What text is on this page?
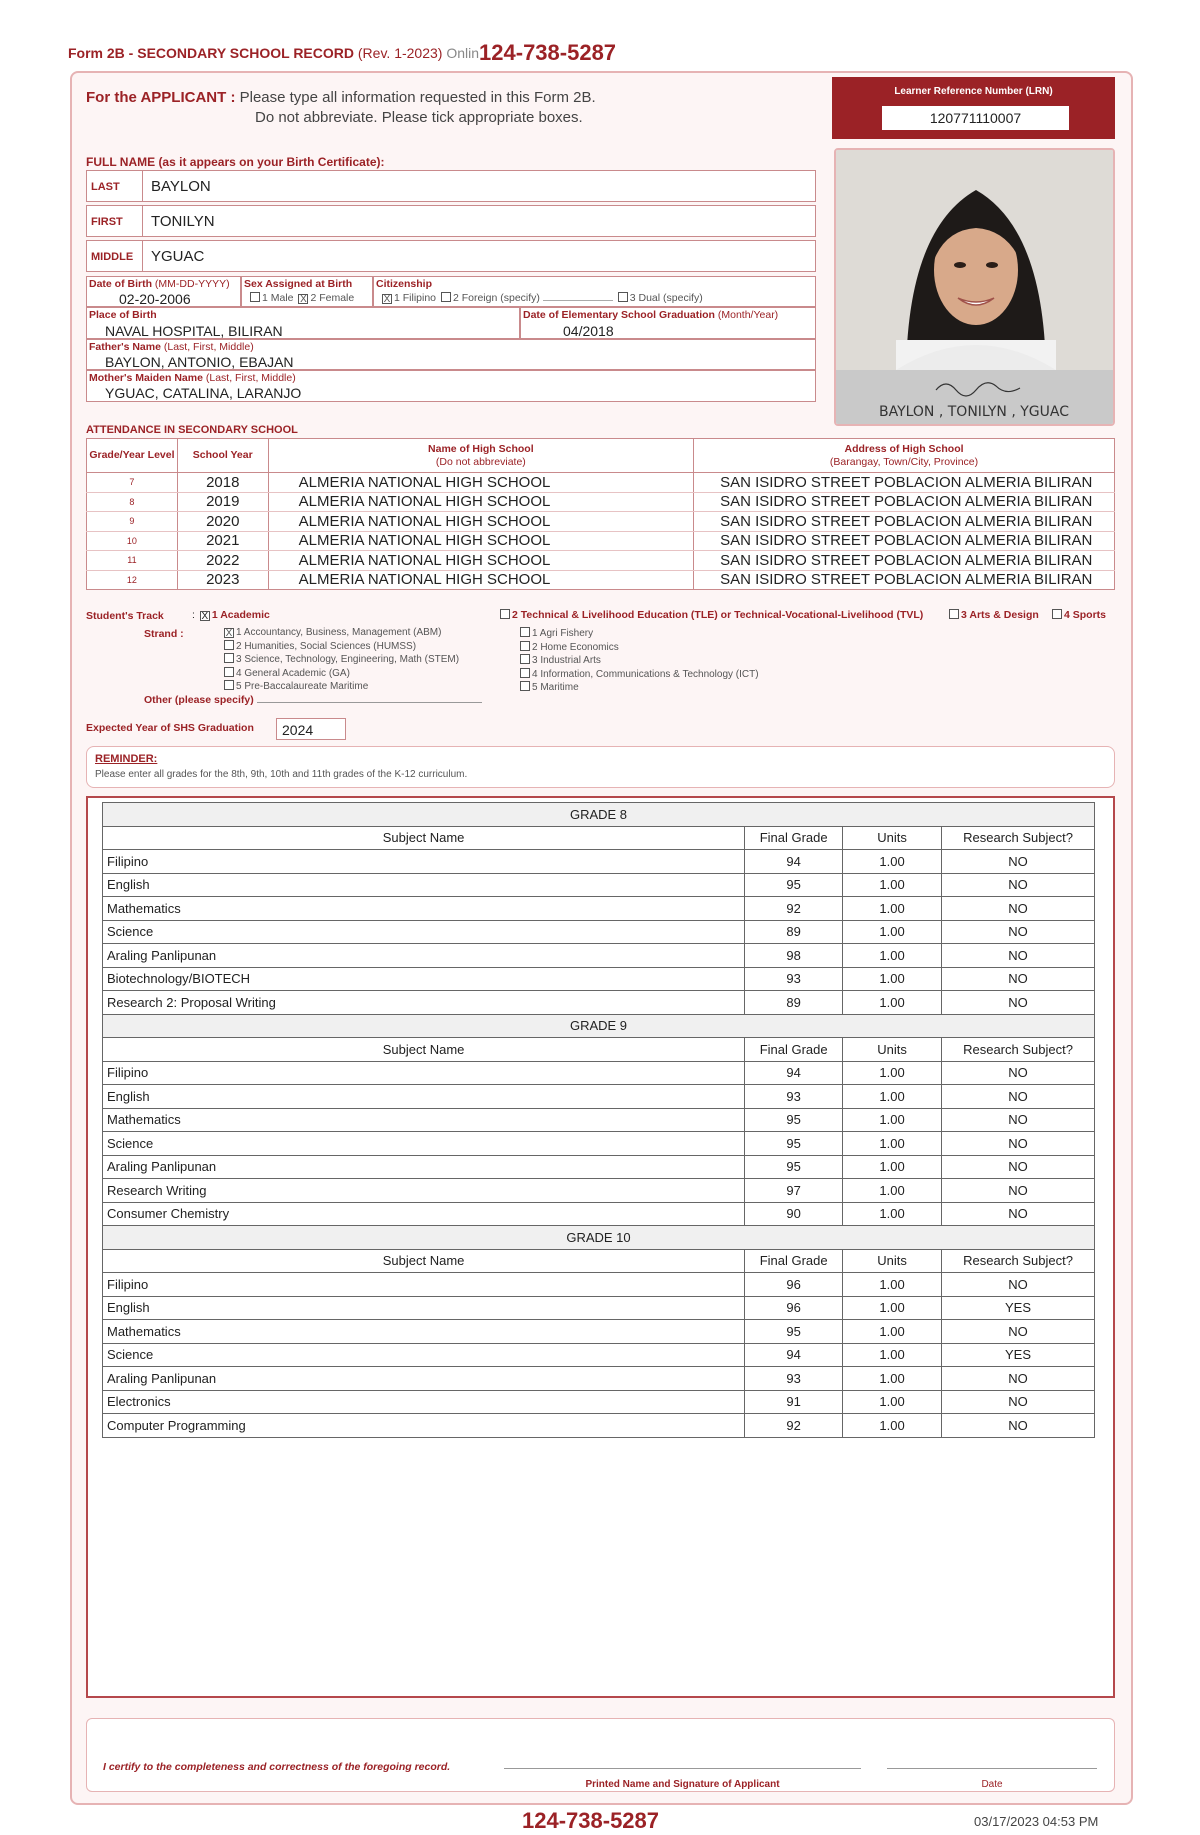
Form 2B - SECONDARY SCHOOL RECORD (Rev. 1-2023) Onlin124-738-5287
For the APPLICANT : Please type all information requested in this Form 2B.
Do not abbreviate. Please tick appropriate boxes.
Learner Reference Number (LRN)
120771110007
BAYLON , TONILYN , YGUAC
FULL NAME (as it appears on your Birth Certificate):
LAST	BAYLON
FIRST	TONILYN
MIDDLE	YGUAC
Date of Birth (MM-DD-YYYY)
02-20-2006
Sex Assigned at Birth
1 Male X 2 Female
Citizenship
X 1 Filipino 2 Foreign (specify)	3 Dual (specify)
Place of Birth
NAVAL HOSPITAL, BILIRAN
Date of Elementary School Graduation (Month/Year)
04/2018
Father's Name (Last, First, Middle)
BAYLON, ANTONIO, EBAJAN
Mother's Maiden Name (Last, First, Middle)
YGUAC, CATALINA, LARANJO
ATTENDANCE IN SECONDARY SCHOOL
Grade/Year Level	School Year	Name of High School
(Do not abbreviate)	Address of High School
(Barangay, Town/City, Province)
7	2018	ALMERIA NATIONAL HIGH SCHOOL	SAN ISIDRO STREET POBLACION ALMERIA BILIRAN
8	2019	ALMERIA NATIONAL HIGH SCHOOL	SAN ISIDRO STREET POBLACION ALMERIA BILIRAN
9	2020	ALMERIA NATIONAL HIGH SCHOOL	SAN ISIDRO STREET POBLACION ALMERIA BILIRAN
10	2021	ALMERIA NATIONAL HIGH SCHOOL	SAN ISIDRO STREET POBLACION ALMERIA BILIRAN
11	2022	ALMERIA NATIONAL HIGH SCHOOL	SAN ISIDRO STREET POBLACION ALMERIA BILIRAN
12	2023	ALMERIA NATIONAL HIGH SCHOOL	SAN ISIDRO STREET POBLACION ALMERIA BILIRAN
Student's Track	: X 1 Academic	2 Technical & Livelihood Education (TLE) or Technical-Vocational-Livelihood (TVL)	3 Arts & Design	4 Sports
Strand :	X 1 Accountancy, Business, Management (ABM)
2 Humanities, Social Sciences (HUMSS)
3 Science, Technology, Engineering, Math (STEM)
4 General Academic (GA)
5 Pre-Baccalaureate Maritime
1 Agri Fishery
2 Home Economics
3 Industrial Arts
4 Information, Communications & Technology (ICT)
5 Maritime
Other (please specify)
Expected Year of SHS Graduation	2024
REMINDER:
Please enter all grades for the 8th, 9th, 10th and 11th grades of the K-12 curriculum.
GRADE 8			
Subject Name	Final Grade	Units	Research Subject?
Filipino	94	1.00	NO
English	95	1.00	NO
Mathematics	92	1.00	NO
Science	89	1.00	NO
Araling Panlipunan	98	1.00	NO
Biotechnology/BIOTECH	93	1.00	NO
Research 2: Proposal Writing	89	1.00	NO
GRADE 9			
Subject Name	Final Grade	Units	Research Subject?
Filipino	94	1.00	NO
English	93	1.00	NO
Mathematics	95	1.00	NO
Science	95	1.00	NO
Araling Panlipunan	95	1.00	NO
Research Writing	97	1.00	NO
Consumer Chemistry	90	1.00	NO
GRADE 10			
Subject Name	Final Grade	Units	Research Subject?
Filipino	96	1.00	NO
English	96	1.00	YES
Mathematics	95	1.00	NO
Science	94	1.00	YES
Araling Panlipunan	93	1.00	NO
Electronics	91	1.00	NO
Computer Programming	92	1.00	NO
I certify to the completeness and correctness of the foregoing record.
Printed Name and Signature of Applicant	Date
124-738-5287	03/17/2023 04:53 PM
